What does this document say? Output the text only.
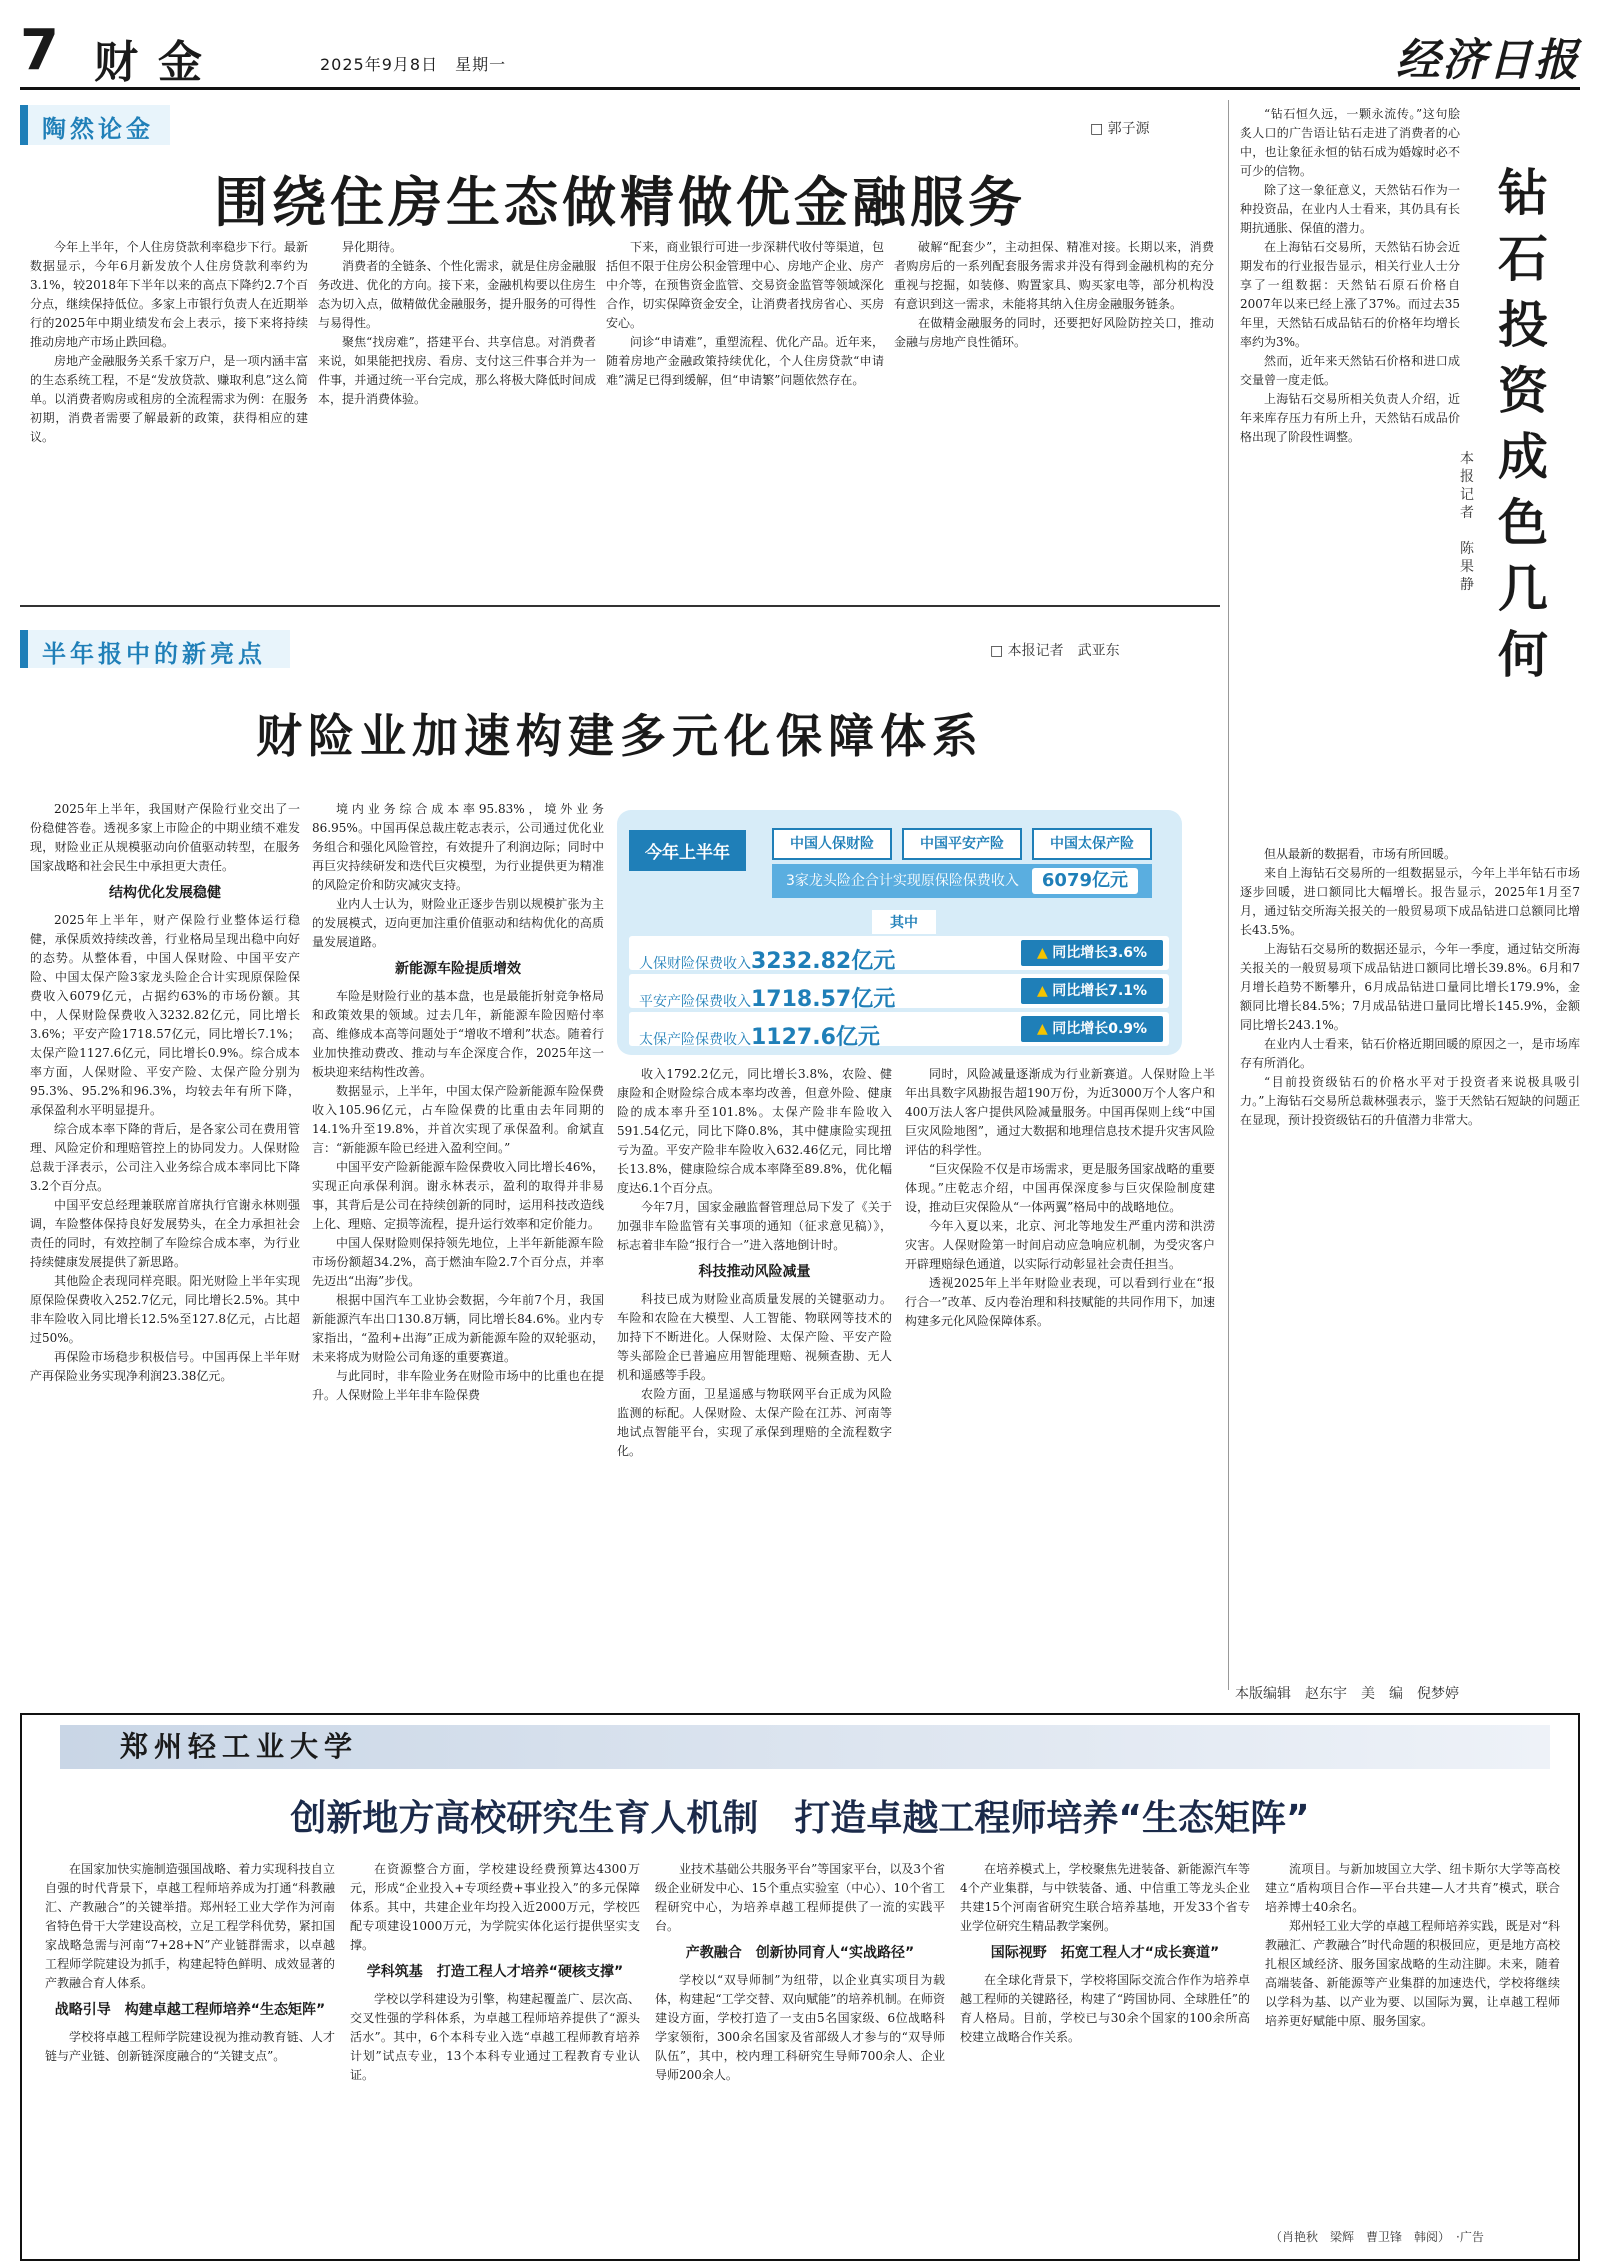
7 财金	2025年9月8日　星期一	经济日报
陶然论金	□ 郭子源
围绕住房生态做精做优金融服务

今年上半年，个人住房贷款利率稳步下行。最新数据显示，今年6月新发放个人住房贷款利率约为3.1%，较2018年下半年以来的高点下降约2.7个百分点，继续保持低位。多家上市银行负责人在近期举行的2025年中期业绩发布会上表示，接下来将持续推动房地产市场止跌回稳。

房地产金融服务关系千家万户，是一项内涵丰富的生态系统工程，不是“发放贷款、赚取利息”这么简单。以消费者购房或租房的全流程需求为例：在服务初期，消费者需要了解最新的政策，获得相应的建议。

异化期待。

消费者的全链条、个性化需求，就是住房金融服务改进、优化的方向。接下来，金融机构要以住房生态为切入点，做精做优金融服务，提升服务的可得性与易得性。

聚焦“找房难”，搭建平台、共享信息。对消费者来说，如果能把找房、看房、支付这三件事合并为一件事，并通过统一平台完成，那么将极大降低时间成本，提升消费体验。

下来，商业银行可进一步深耕代收付等渠道，包括但不限于住房公积金管理中心、房地产企业、房产中介等，在预售资金监管、交易资金监管等领域深化合作，切实保障资金安全，让消费者找房省心、买房安心。

问诊“申请难”，重塑流程、优化产品。近年来，随着房地产金融政策持续优化，个人住房贷款“申请难”满足已得到缓解，但“申请繁”问题依然存在。

破解“配套少”，主动担保、精准对接。长期以来，消费者购房后的一系列配套服务需求并没有得到金融机构的充分重视与挖掘，如装修、购置家具、购买家电等，部分机构没有意识到这一需求，未能将其纳入住房金融服务链条。

在做精金融服务的同时，还要把好风险防控关口，推动金融与房地产良性循环。

“钻石恒久远，一颗永流传。”这句脍炙人口的广告语让钻石走进了消费者的心中，也让象征永恒的钻石成为婚嫁时必不可少的信物。

除了这一象征意义，天然钻石作为一种投资品，在业内人士看来，其仍具有长期抗通胀、保值的潜力。

在上海钻石交易所，天然钻石协会近期发布的行业报告显示，相关行业人士分享了一组数据：天然钻石原石价格自2007年以来已经上涨了37%。而过去35年里，天然钻石成品钻石的价格年均增长率约为3%。

然而，近年来天然钻石价格和进口成交量曾一度走低。

上海钻石交易所相关负责人介绍，近年来库存压力有所上升，天然钻石成品价格出现了阶段性调整。

本报记者
陈果静
钻石投资成色几何

但从最新的数据看，市场有所回暖。

来自上海钻石交易所的一组数据显示，今年上半年钻石市场逐步回暖，进口额同比大幅增长。报告显示，2025年1月至7月，通过钻交所海关报关的一般贸易项下成品钻进口总额同比增长43.5%。

上海钻石交易所的数据还显示，今年一季度，通过钻交所海关报关的一般贸易项下成品钻进口额同比增长39.8%。6月和7月增长趋势不断攀升，6月成品钻进口量同比增长179.9%，金额同比增长84.5%；7月成品钻进口量同比增长145.9%，金额同比增长243.1%。

在业内人士看来，钻石价格近期回暖的原因之一，是市场库存有所消化。

“目前投资级钻石的价格水平对于投资者来说极具吸引力。”上海钻石交易所总裁林强表示，鉴于天然钻石短缺的问题正在显现，预计投资级钻石的升值潜力非常大。

本版编辑　赵东宇　美　编　倪梦婷
半年报中的新亮点	□ 本报记者　武亚东
财险业加速构建多元化保障体系

2025年上半年，我国财产保险行业交出了一份稳健答卷。透视多家上市险企的中期业绩不难发现，财险业正从规模驱动向价值驱动转型，在服务国家战略和社会民生中承担更大责任。

结构优化发展稳健

2025年上半年，财产保险行业整体运行稳健，承保质效持续改善，行业格局呈现出稳中向好的态势。从整体看，中国人保财险、中国平安产险、中国太保产险3家龙头险企合计实现原保险保费收入6079亿元，占据约63%的市场份额。其中，人保财险保费收入3232.82亿元，同比增长3.6%；平安产险1718.57亿元，同比增长7.1%；太保产险1127.6亿元，同比增长0.9%。综合成本率方面，人保财险、平安产险、太保产险分别为95.3%、95.2%和96.3%，均较去年有所下降，承保盈利水平明显提升。

综合成本率下降的背后，是各家公司在费用管理、风险定价和理赔管控上的协同发力。人保财险总裁于泽表示，公司注入业务综合成本率同比下降3.2个百分点。

中国平安总经理兼联席首席执行官谢永林则强调，车险整体保持良好发展势头，在全力承担社会责任的同时，有效控制了车险综合成本率，为行业持续健康发展提供了新思路。

其他险企表现同样亮眼。阳光财险上半年实现原保险保费收入252.7亿元，同比增长2.5%。其中非车险收入同比增长12.5%至127.8亿元，占比超过50%。

再保险市场稳步积极信号。中国再保上半年财产再保险业务实现净利润23.38亿元。

境内业务综合成本率95.83%，境外业务86.95%。中国再保总裁庄乾志表示，公司通过优化业务组合和强化风险管控，有效提升了利润边际；同时中再巨灾持续研发和迭代巨灾模型，为行业提供更为精准的风险定价和防灾减灾支持。

业内人士认为，财险业正逐步告别以规模扩张为主的发展模式，迈向更加注重价值驱动和结构优化的高质量发展道路。

新能源车险提质增效

车险是财险行业的基本盘，也是最能折射竞争格局和政策效果的领域。过去几年，新能源车险因赔付率高、维修成本高等问题处于“增收不增利”状态。随着行业加快推动费改、推动与车企深度合作，2025年这一板块迎来结构性改善。

数据显示，上半年，中国太保产险新能源车险保费收入105.96亿元，占车险保费的比重由去年同期的14.1%升至19.8%，并首次实现了承保盈利。俞斌直言：“新能源车险已经进入盈利空间。”

中国平安产险新能源车险保费收入同比增长46%，实现正向承保利润。谢永林表示，盈利的取得并非易事，其背后是公司在持续创新的同时，运用科技改造线上化、理赔、定损等流程，提升运行效率和定价能力。

中国人保财险则保持领先地位，上半年新能源车险市场份额超34.2%，高于燃油车险2.7个百分点，并率先迈出“出海”步伐。

根据中国汽车工业协会数据，今年前7个月，我国新能源汽车出口130.8万辆，同比增长84.6%。业内专家指出，“盈利+出海”正成为新能源车险的双轮驱动，未来将成为财险公司角逐的重要赛道。

与此同时，非车险业务在财险市场中的比重也在提升。人保财险上半年非车险保费

今年上半年	中国人保财险	中国平安产险	中国太保产险
3家龙头险企合计实现原保险保费收入	6079亿元
其中
人保财险保费收入3232.82亿元	▲ 同比增长3.6%
平安产险保费收入1718.57亿元	▲ 同比增长7.1%
太保产险保费收入1127.6亿元	▲ 同比增长0.9%

收入1792.2亿元，同比增长3.8%，农险、健康险和企财险综合成本率均改善，但意外险、健康险的成本率升至101.8%。太保产险非车险收入591.54亿元，同比下降0.8%，其中健康险实现扭亏为盈。平安产险非车险收入632.46亿元，同比增长13.8%，健康险综合成本率降至89.8%，优化幅度达6.1个百分点。

今年7月，国家金融监督管理总局下发了《关于加强非车险监管有关事项的通知（征求意见稿）》，标志着非车险“报行合一”进入落地倒计时。

科技推动风险减量

科技已成为财险业高质量发展的关键驱动力。车险和农险在大模型、人工智能、物联网等技术的加持下不断进化。人保财险、太保产险、平安产险等头部险企已普遍应用智能理赔、视频查勘、无人机和遥感等手段。

农险方面，卫星遥感与物联网平台正成为风险监测的标配。人保财险、太保产险在江苏、河南等地试点智能平台，实现了承保到理赔的全流程数字化。

同时，风险减量逐渐成为行业新赛道。人保财险上半年出具数字风勘报告超190万份，为近3000万个人客户和400万法人客户提供风险减量服务。中国再保则上线“中国巨灾风险地图”，通过大数据和地理信息技术提升灾害风险评估的科学性。

“巨灾保险不仅是市场需求，更是服务国家战略的重要体现。”庄乾志介绍，中国再保深度参与巨灾保险制度建设，推动巨灾保险从“一体两翼”格局中的战略地位。

今年入夏以来，北京、河北等地发生严重内涝和洪涝灾害。人保财险第一时间启动应急响应机制，为受灾客户开辟理赔绿色通道，以实际行动彰显社会责任担当。

透视2025年上半年财险业表现，可以看到行业在“报行合一”改革、反内卷治理和科技赋能的共同作用下，加速构建多元化风险保障体系。

郑州轻工业大学
创新地方高校研究生育人机制　打造卓越工程师培养“生态矩阵”

在国家加快实施制造强国战略、着力实现科技自立自强的时代背景下，卓越工程师培养成为打通“科教融汇、产教融合”的关键举措。郑州轻工业大学作为河南省特色骨干大学建设高校，立足工程学科优势，紧扣国家战略急需与河南“7+28+N”产业链群需求，以卓越工程师学院建设为抓手，构建起特色鲜明、成效显著的产教融合育人体系。

战略引导　构建卓越工程师培养“生态矩阵”

学校将卓越工程师学院建设视为推动教育链、人才链与产业链、创新链深度融合的“关键支点”。

在资源整合方面，学校建设经费预算达4300万元，形成“企业投入+专项经费+事业投入”的多元保障体系。其中，共建企业年均投入近2000万元，学校匹配专项建设1000万元，为学院实体化运行提供坚实支撑。

学科筑基　打造工程人才培养“硬核支撑”

学校以学科建设为引擎，构建起覆盖广、层次高、交叉性强的学科体系，为卓越工程师培养提供了“源头活水”。其中，6个本科专业入选“卓越工程师教育培养计划”试点专业，13个本科专业通过工程教育专业认证。

业技术基础公共服务平台”等国家平台，以及3个省级企业研发中心、15个重点实验室（中心）、10个省工程研究中心，为培养卓越工程师提供了一流的实践平台。

产教融合　创新协同育人“实战路径”

学校以“双导师制”为纽带，以企业真实项目为载体，构建起“工学交替、双向赋能”的培养机制。在师资建设方面，学校打造了一支由5名国家级、6位战略科学家领衔，300余名国家及省部级人才参与的“双导师队伍”，其中，校内理工科研究生导师700余人、企业导师200余人。

在培养模式上，学校聚焦先进装备、新能源汽车等4个产业集群，与中铁装备、通、中信重工等龙头企业共建15个河南省研究生联合培养基地，开发33个省专业学位研究生精品教学案例。

国际视野　拓宽工程人才“成长赛道”

在全球化背景下，学校将国际交流合作作为培养卓越工程师的关键路径，构建了“跨国协同、全球胜任”的育人格局。目前，学校已与30余个国家的100余所高校建立战略合作关系。

流项目。与新加坡国立大学、纽卡斯尔大学等高校建立“盾构项目合作—平台共建—人才共育”模式，联合培养博士40余名。

郑州轻工业大学的卓越工程师培养实践，既是对“科教融汇、产教融合”时代命题的积极回应，更是地方高校扎根区域经济、服务国家战略的生动注脚。未来，随着高端装备、新能源等产业集群的加速迭代，学校将继续以学科为基、以产业为要、以国际为翼，让卓越工程师培养更好赋能中原、服务国家。

（肖艳秋　梁辉　曹卫锋　韩阅）　·广告
